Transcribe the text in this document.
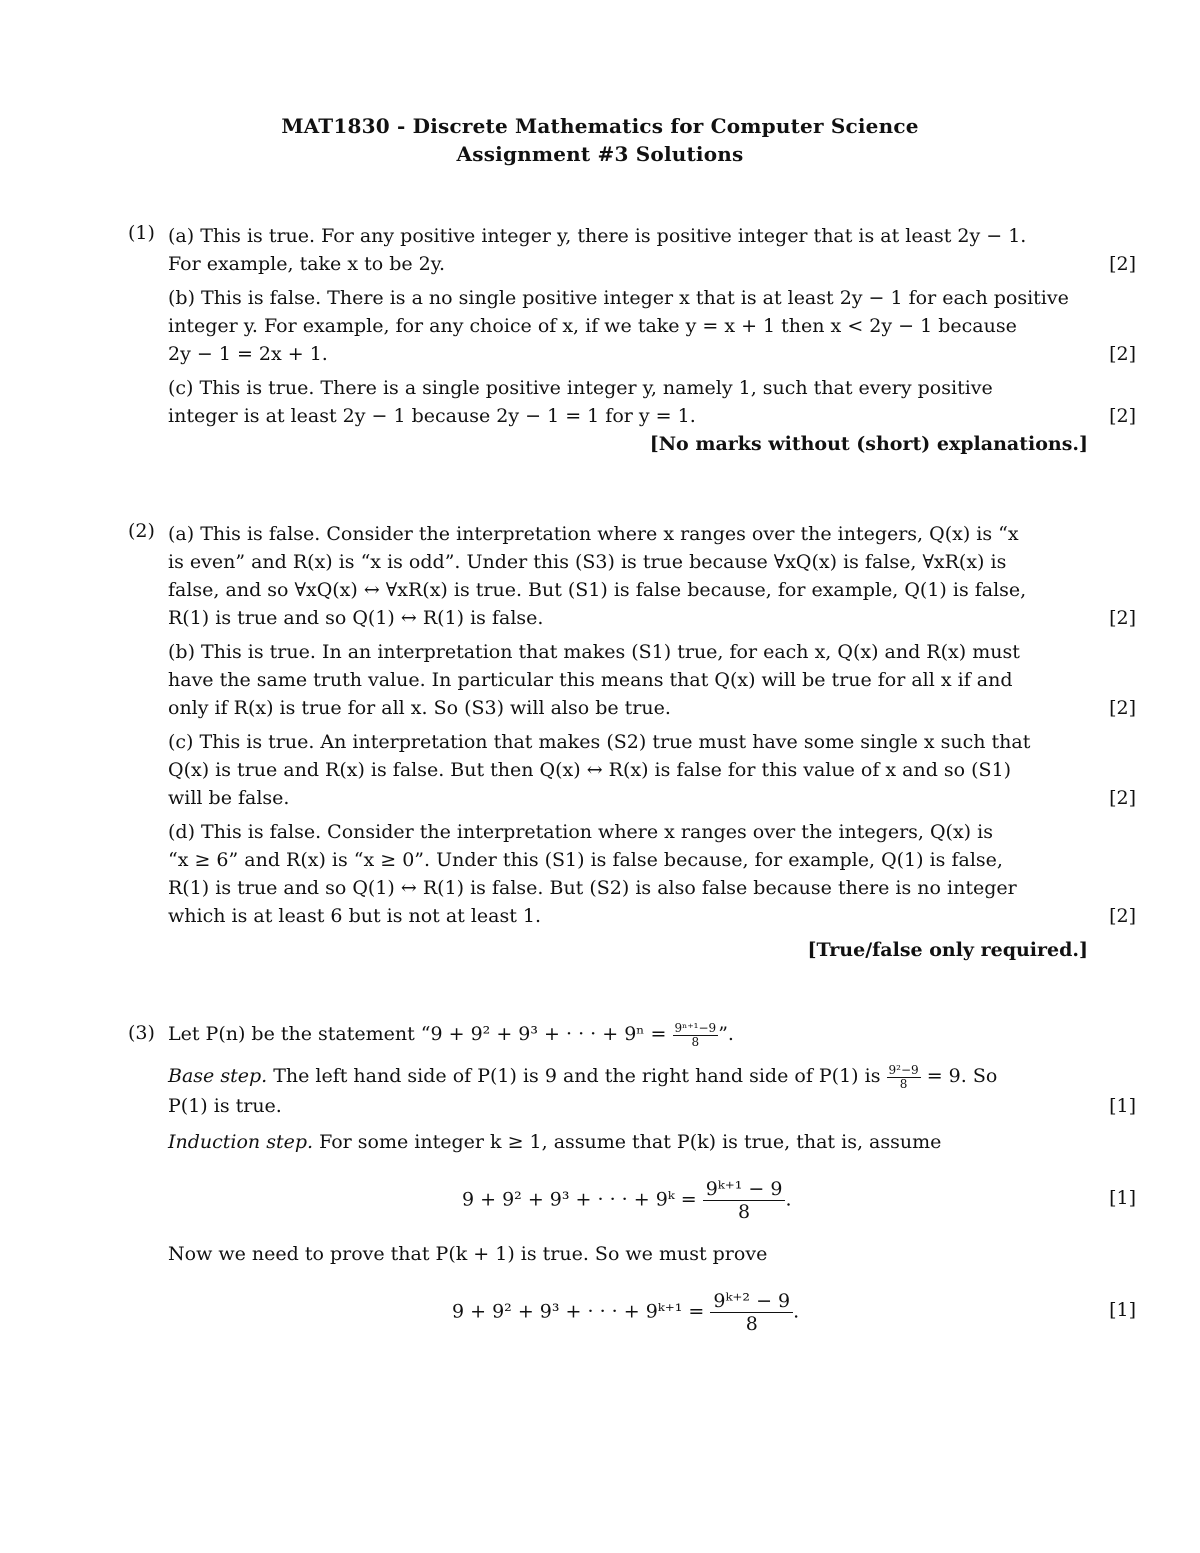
MAT1830 - Discrete Mathematics for Computer Science
Assignment #3 Solutions
(1) (a) This is true. For any positive integer y, there is positive integer that is at least 2y − 1.
For example, take x to be 2y.	[2]
(b) This is false. There is a no single positive integer x that is at least 2y − 1 for each positive
integer y. For example, for any choice of x, if we take y = x + 1 then x < 2y − 1 because
2y − 1 = 2x + 1.	[2]
(c) This is true. There is a single positive integer y, namely 1, such that every positive
integer is at least 2y − 1 because 2y − 1 = 1 for y = 1.	[2]
[No marks without (short) explanations.]
(2) (a) This is false. Consider the interpretation where x ranges over the integers, Q(x) is “x
is even” and R(x) is “x is odd”. Under this (S3) is true because ∀xQ(x) is false, ∀xR(x) is
false, and so ∀xQ(x) ↔ ∀xR(x) is true. But (S1) is false because, for example, Q(1) is false,
R(1) is true and so Q(1) ↔ R(1) is false.	[2]
(b) This is true. In an interpretation that makes (S1) true, for each x, Q(x) and R(x) must
have the same truth value. In particular this means that Q(x) will be true for all x if and
only if R(x) is true for all x. So (S3) will also be true.	[2]
(c) This is true. An interpretation that makes (S2) true must have some single x such that
Q(x) is true and R(x) is false. But then Q(x) ↔ R(x) is false for this value of x and so (S1)
will be false.	[2]
(d) This is false. Consider the interpretation where x ranges over the integers, Q(x) is
“x ≥ 6” and R(x) is “x ≥ 0”. Under this (S1) is false because, for example, Q(1) is false,
R(1) is true and so Q(1) ↔ R(1) is false. But (S2) is also false because there is no integer
which is at least 6 but is not at least 1.	[2]
[True/false only required.]
(3) Let P(n) be the statement “9 + 9² + 9³ + · · · + $9^n = \frac{\text{9ⁿ⁺¹−9}}{8}$ ”.
Base step. The left hand side of P(1) is 9 and the right hand side of P(1) is $\frac{\text{9²−9}}{8} = 9$. So
P(1) is true.	[1]
Induction step. For some integer k ≥ 1, assume that P(k) is true, that is, assume
9 + 9² + 9³ + · · · + 9ᵏ = $\frac{\text{9ᵏ⁺¹ − 9}}{8}$ .	[1]
Now we need to prove that P(k + 1) is true. So we must prove
9 + 9² + 9³ + · · · + 9ᵏ⁺¹ = $\frac{\text{9ᵏ⁺² − 9}}{8}$ .	[1]
